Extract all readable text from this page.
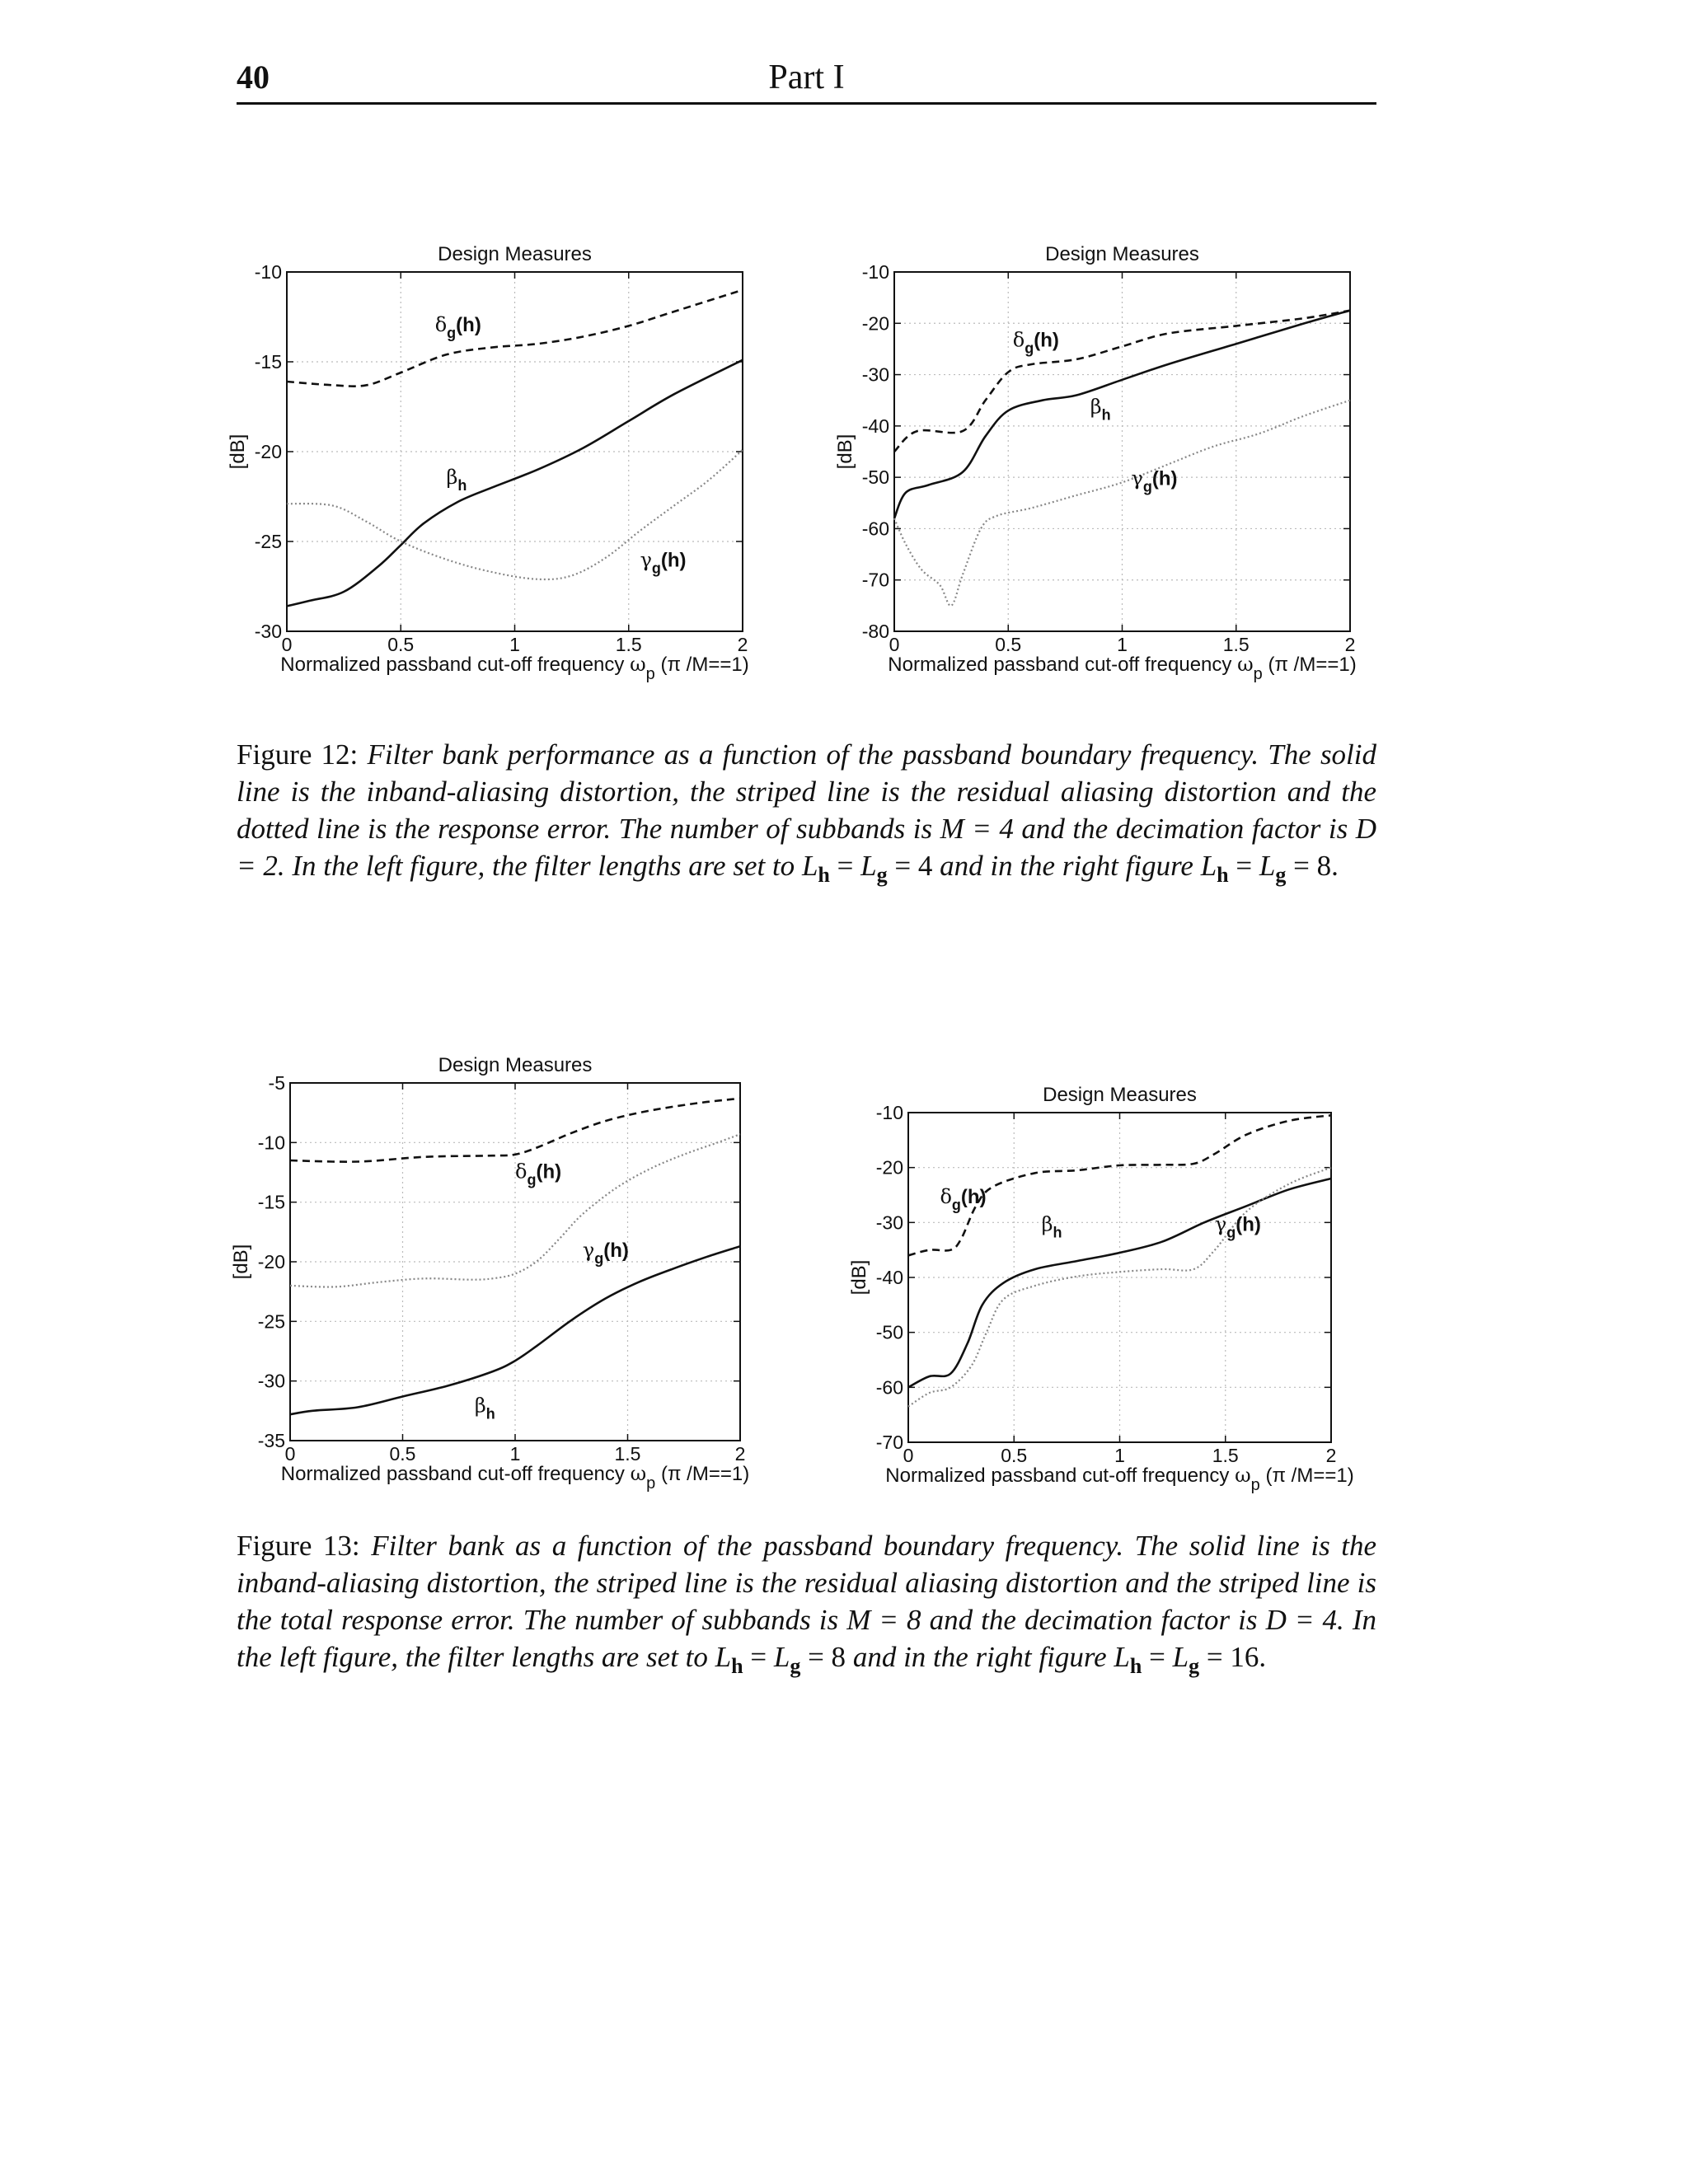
40	Part I
0	0.5	1	1.5	2
-30
-25
-20
-15
-10
Design Measures
[dB]
Normalized passband cut-off frequency $\omega_p$ (π /M==1)
$\delta_g(h)$
$\beta_h$
$\gamma_g(h)$
0	0.5	1	1.5	2
-80
-70
-60
-50
-40
-30
-20
-10
Design Measures
[dB]
Normalized passband cut-off frequency $\omega_p$ (π /M==1)
$\delta_g(h)$
$\beta_h$
$\gamma_g(h)$
Figure 12: Filter bank performance as a function of the passband boundary frequency. The solid line is the inband-aliasing distortion, the striped line is the residual aliasing distortion and the dotted line is the response error. The number of subbands is M = 4 and the decimation factor is D = 2. In the left figure, the filter lengths are set to $L_h = L_g = 4$ and in the right figure $L_h = L_g = 8$.
0	0.5	1	1.5	2
-35
-30
-25
-20
-15
-10
-5
Design Measures
[dB]
Normalized passband cut-off frequency $\omega_p$ (π /M==1)
$\delta_g(h)$
$\gamma_g(h)$
$\beta_h$
0	0.5	1	1.5	2
-70
-60
-50
-40
-30
-20
-10
Design Measures
[dB]
Normalized passband cut-off frequency $\omega_p$ (π /M==1)
$\delta_g(h)$
$\beta_h$	$\gamma_g(h)$
Figure 13: Filter bank as a function of the passband boundary frequency. The solid line is the inband-aliasing distortion, the striped line is the residual aliasing distortion and the striped line is the total response error. The number of subbands is M = 8 and the decimation factor is D = 4. In the left figure, the filter lengths are set to $L_h = L_g = 8$ and in the right figure $L_h = L_g = 16$.
